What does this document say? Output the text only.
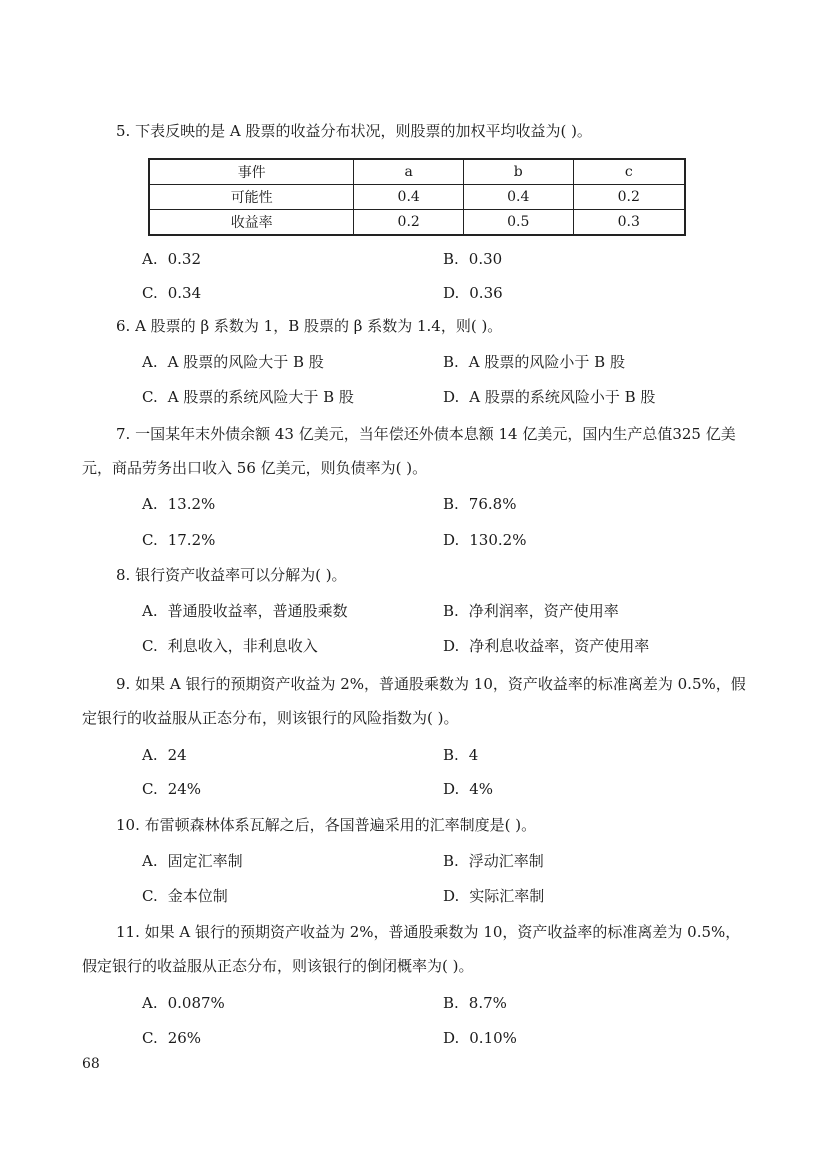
5. 下表反映的是 A 股票的收益分布状况，则股票的加权平均收益为( )。

事件	a	b	c
可能性	0.4	0.4	0.2
收益率	0.2	0.5	0.3
A. 0.32	B. 0.30
C. 0.34	D. 0.36

6. A 股票的 β 系数为 1，B 股票的 β 系数为 1.4，则( )。

A. A 股票的风险大于 B 股	B. A 股票的风险小于 B 股
C. A 股票的系统风险大于 B 股	D. A 股票的系统风险小于 B 股

7. 一国某年末外债余额 43 亿美元，当年偿还外债本息额 14 亿美元，国内生产总值325 亿美元，商品劳务出口收入 56 亿美元，则负债率为( )。

A. 13.2%	B. 76.8%
C. 17.2%	D. 130.2%

8. 银行资产收益率可以分解为( )。

A. 普通股收益率，普通股乘数	B. 净利润率，资产使用率
C. 利息收入，非利息收入	D. 净利息收益率，资产使用率

9. 如果 A 银行的预期资产收益为 2%，普通股乘数为 10，资产收益率的标准离差为 0.5%，假定银行的收益服从正态分布，则该银行的风险指数为( )。

A. 24	B. 4
C. 24%	D. 4%

10. 布雷顿森林体系瓦解之后，各国普遍采用的汇率制度是( )。

A. 固定汇率制	B. 浮动汇率制
C. 金本位制	D. 实际汇率制

11. 如果 A 银行的预期资产收益为 2%，普通股乘数为 10，资产收益率的标准离差为 0.5%，假定银行的收益服从正态分布，则该银行的倒闭概率为( )。

A. 0.087%	B. 8.7%
C. 26%	D. 0.10%
68
